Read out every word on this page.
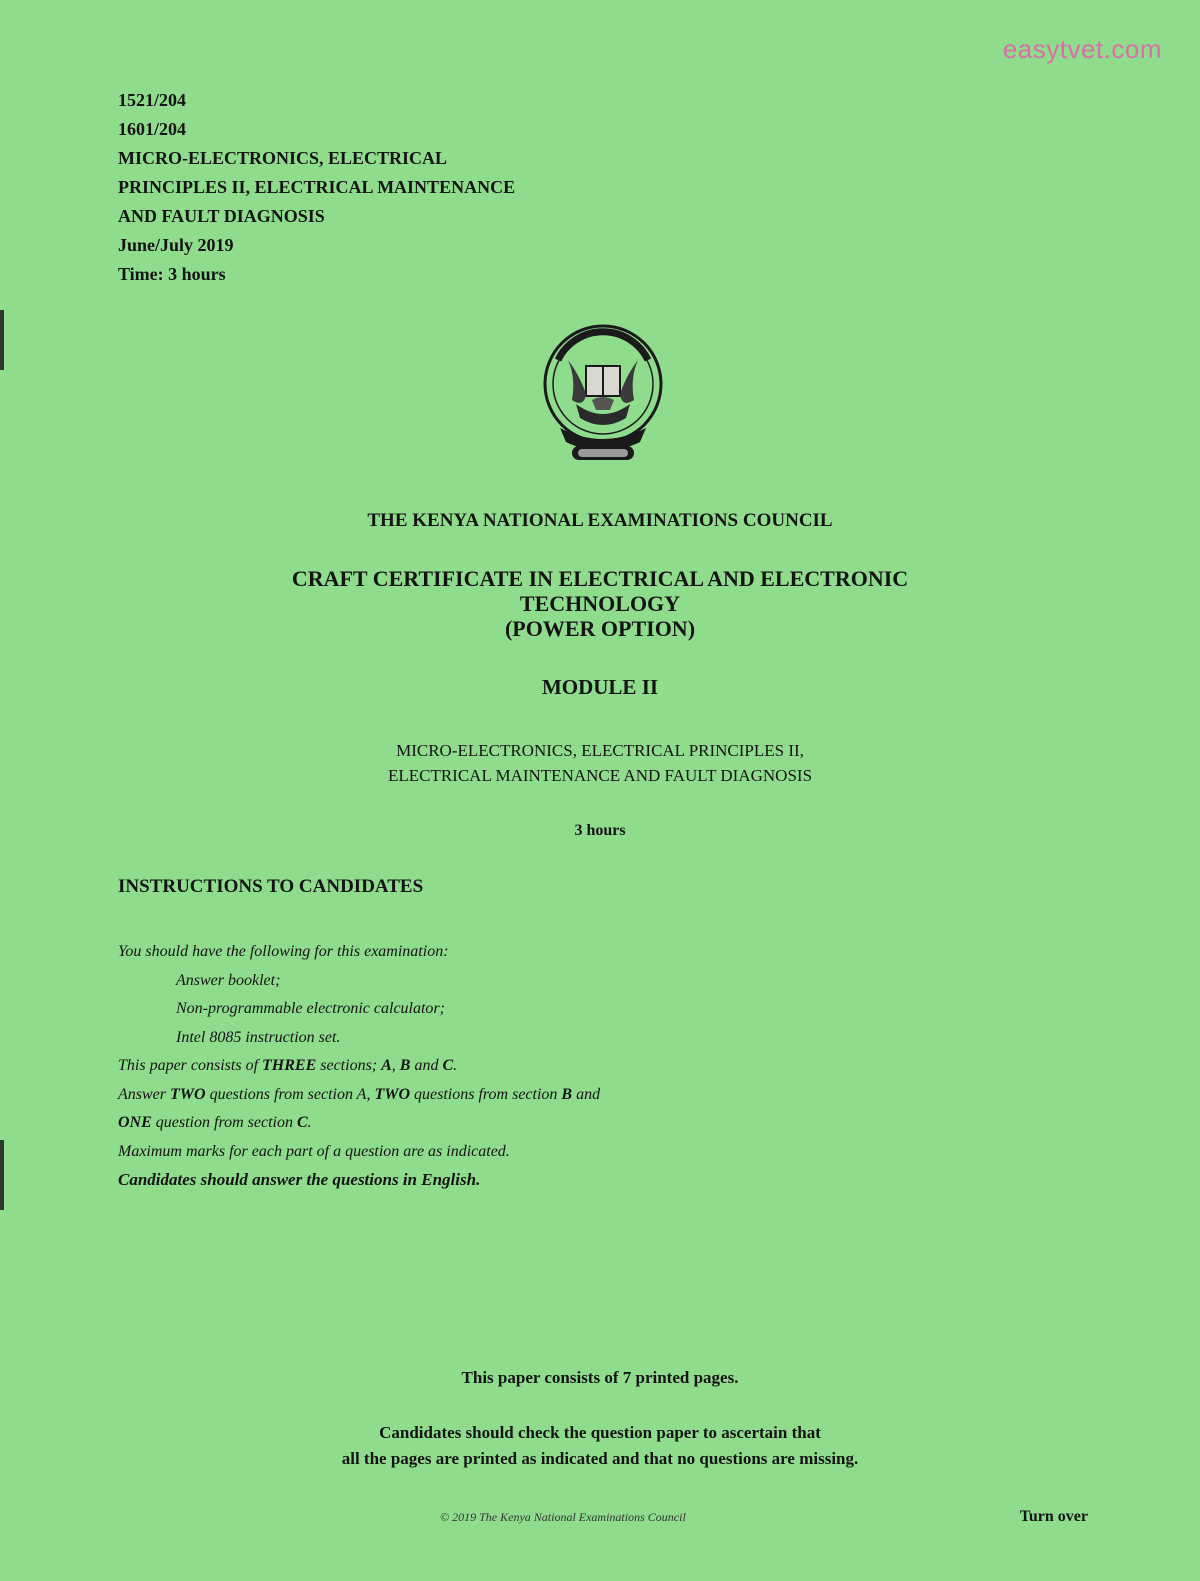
easytvet.com
1521/204
1601/204
MICRO-ELECTRONICS, ELECTRICAL
PRINCIPLES II, ELECTRICAL MAINTENANCE
AND FAULT DIAGNOSIS
June/July 2019
Time: 3 hours
THE KENYA NATIONAL EXAMINATIONS COUNCIL
CRAFT CERTIFICATE IN ELECTRICAL AND ELECTRONIC
TECHNOLOGY
(POWER OPTION)
MODULE II
MICRO-ELECTRONICS, ELECTRICAL PRINCIPLES II,
ELECTRICAL MAINTENANCE AND FAULT DIAGNOSIS
3 hours
INSTRUCTIONS TO CANDIDATES
You should have the following for this examination:
Answer booklet;
Non-programmable electronic calculator;
Intel 8085 instruction set.
This paper consists of THREE sections; A, B and C.
Answer TWO questions from section A, TWO questions from section B and
ONE question from section C.
Maximum marks for each part of a question are as indicated.
Candidates should answer the questions in English.
This paper consists of 7 printed pages.
Candidates should check the question paper to ascertain that
all the pages are printed as indicated and that no questions are missing.
© 2019 The Kenya National Examinations Council	Turn over
